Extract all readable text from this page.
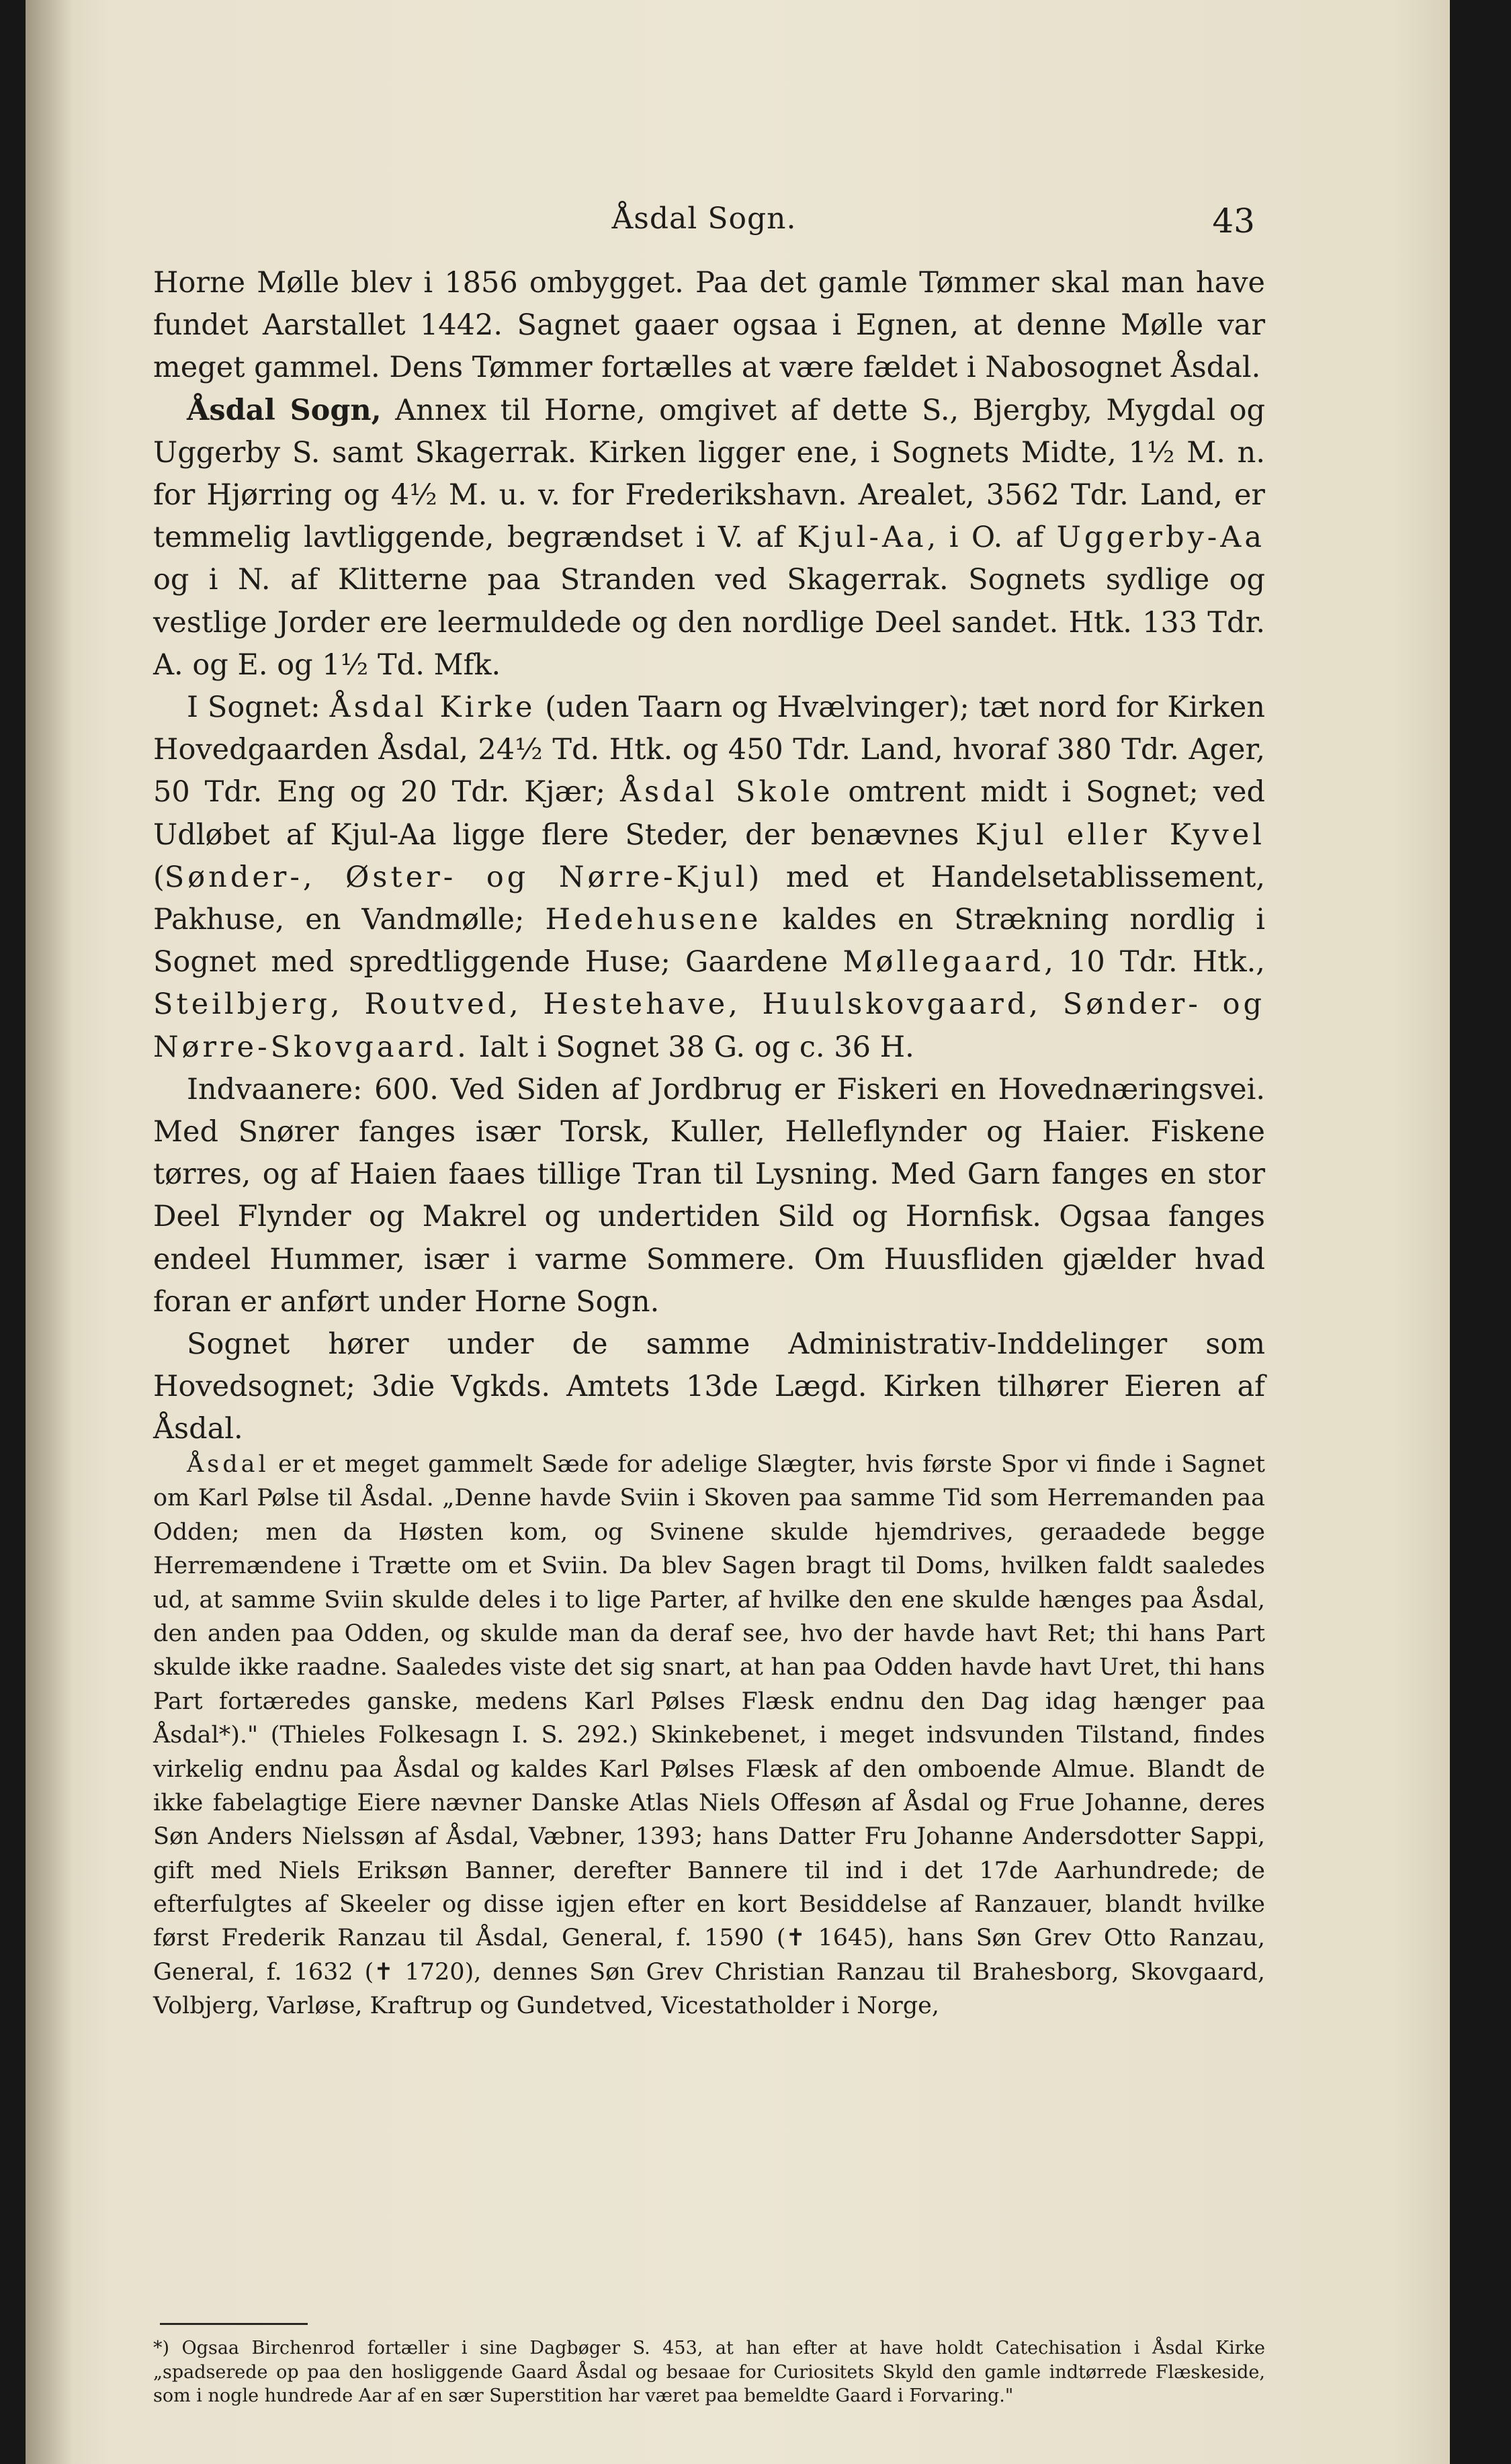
Åsdal Sogn.	43

Horne Mølle blev i 1856 ombygget. Paa det gamle Tømmer skal man have fundet Aarstallet 1442. Sagnet gaaer ogsaa i Egnen, at denne Mølle var meget gammel. Dens Tømmer fortælles at være fældet i Nabosognet Åsdal.

Åsdal Sogn, Annex til Horne, omgivet af dette S., Bjergby, Mygdal og Uggerby S. samt Skagerrak. Kirken ligger ene, i Sognets Midte, 1½ M. n. for Hjørring og 4½ M. u. v. for Frederikshavn. Arealet, 3562 Tdr. Land, er temmelig lavtliggende, begrændset i V. af Kjul-Aa, i O. af Uggerby-Aa og i N. af Klitterne paa Stranden ved Skagerrak. Sognets sydlige og vestlige Jorder ere leermuldede og den nordlige Deel sandet. Htk. 133 Tdr. A. og E. og 1½ Td. Mfk.

I Sognet: Åsdal Kirke (uden Taarn og Hvælvinger); tæt nord for Kirken Hovedgaarden Åsdal, 24½ Td. Htk. og 450 Tdr. Land, hvoraf 380 Tdr. Ager, 50 Tdr. Eng og 20 Tdr. Kjær; Åsdal Skole omtrent midt i Sognet; ved Udløbet af Kjul-Aa ligge flere Steder, der benævnes Kjul eller Kyvel (Sønder-, Øster- og Nørre-Kjul) med et Handelsetablissement, Pakhuse, en Vandmølle; Hedehusene kaldes en Strækning nordlig i Sognet med spredtliggende Huse; Gaardene Møllegaard, 10 Tdr. Htk., Steilbjerg, Routved, Hestehave, Huulskovgaard, Sønder- og Nørre-Skovgaard. Ialt i Sognet 38 G. og c. 36 H.

Indvaanere: 600. Ved Siden af Jordbrug er Fiskeri en Hovednæringsvei. Med Snører fanges især Torsk, Kuller, Helleflynder og Haier. Fiskene tørres, og af Haien faaes tillige Tran til Lysning. Med Garn fanges en stor Deel Flynder og Makrel og undertiden Sild og Hornfisk. Ogsaa fanges endeel Hummer, især i varme Sommere. Om Huusfliden gjælder hvad foran er anført under Horne Sogn.

Sognet hører under de samme Administrativ-Inddelinger som Hovedsognet; 3die Vgkds. Amtets 13de Lægd. Kirken tilhører Eieren af Åsdal.

Åsdal er et meget gammelt Sæde for adelige Slægter, hvis første Spor vi finde i Sagnet om Karl Pølse til Åsdal. „Denne havde Sviin i Skoven paa samme Tid som Herremanden paa Odden; men da Høsten kom, og Svinene skulde hjemdrives, geraadede begge Herremændene i Trætte om et Sviin. Da blev Sagen bragt til Doms, hvilken faldt saaledes ud, at samme Sviin skulde deles i to lige Parter, af hvilke den ene skulde hænges paa Åsdal, den anden paa Odden, og skulde man da deraf see, hvo der havde havt Ret; thi hans Part skulde ikke raadne. Saaledes viste det sig snart, at han paa Odden havde havt Uret, thi hans Part fortæredes ganske, medens Karl Pølses Flæsk endnu den Dag idag hænger paa Åsdal*)." (Thieles Folkesagn I. S. 292.) Skinkebenet, i meget indsvunden Tilstand, findes virkelig endnu paa Åsdal og kaldes Karl Pølses Flæsk af den omboende Almue. Blandt de ikke fabelagtige Eiere nævner Danske Atlas Niels Offesøn af Åsdal og Frue Johanne, deres Søn Anders Nielssøn af Åsdal, Væbner, 1393; hans Datter Fru Johanne Andersdotter Sappi, gift med Niels Eriksøn Banner, derefter Bannere til ind i det 17de Aarhundrede; de efterfulgtes af Skeeler og disse igjen efter en kort Besiddelse af Ranzauer, blandt hvilke først Frederik Ranzau til Åsdal, General, f. 1590 (✝ 1645), hans Søn Grev Otto Ranzau, General, f. 1632 (✝ 1720), dennes Søn Grev Christian Ranzau til Brahesborg, Skovgaard, Volbjerg, Varløse, Kraftrup og Gundetved, Vicestatholder i Norge,

*) Ogsaa Birchenrod fortæller i sine Dagbøger S. 453, at han efter at have holdt Catechisation i Åsdal Kirke „spadserede op paa den hosliggende Gaard Åsdal og besaae for Curiositets Skyld den gamle indtørrede Flæskeside, som i nogle hundrede Aar af en sær Superstition har været paa bemeldte Gaard i Forvaring."
